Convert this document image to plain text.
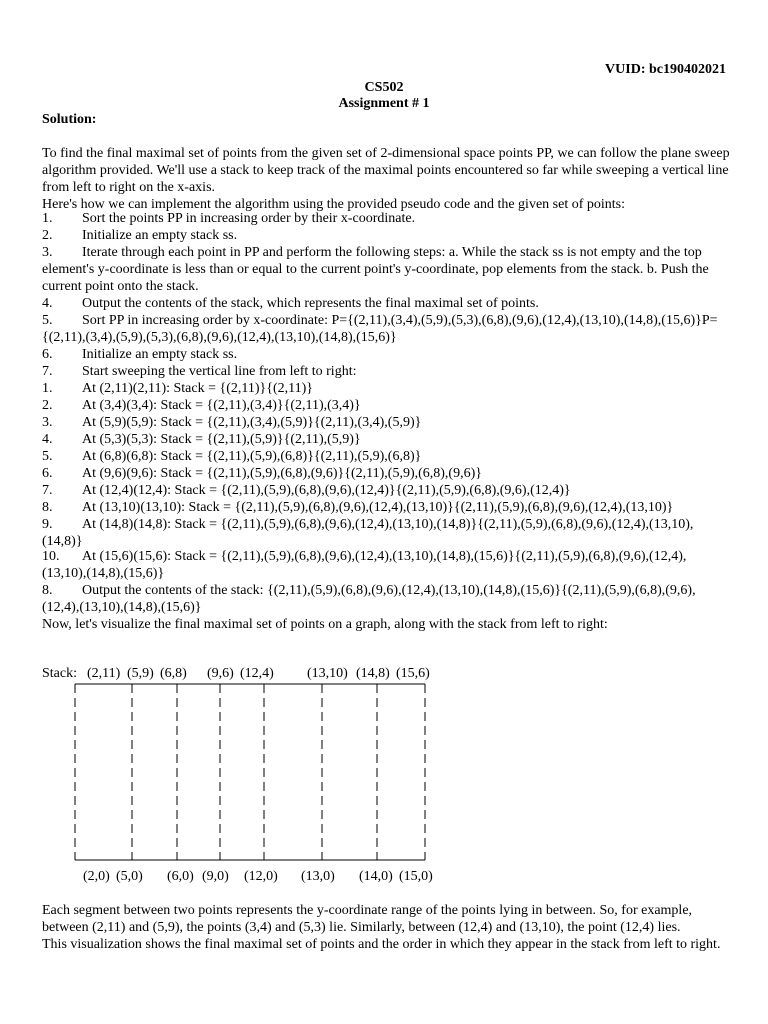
VUID: bc190402021
CS502
Assignment # 1
Solution:
To find the final maximal set of points from the given set of 2-dimensional space points PP, we can follow the plane sweep algorithm provided. We'll use a stack to keep track of the maximal points encountered so far while sweeping a vertical line from left to right on the x-axis.
Here's how we can implement the algorithm using the provided pseudo code and the given set of points:
1.	Sort the points PP in increasing order by their x-coordinate.
2.	Initialize an empty stack ss.
3.	Iterate through each point in PP and perform the following steps: a. While the stack ss is not empty and the top element's y-coordinate is less than or equal to the current point's y-coordinate, pop elements from the stack. b. Push the current point onto the stack.
4.	Output the contents of the stack, which represents the final maximal set of points.
5.	Sort PP in increasing order by x-coordinate: P={(2,11),(3,4),(5,9),(5,3),(6,8),(9,6),(12,4),(13,10),(14,8),(15,6)}P={(2,11),(3,4),(5,9),(5,3),(6,8),(9,6),(12,4),(13,10),(14,8),(15,6)}
6.	Initialize an empty stack ss.
7.	Start sweeping the vertical line from left to right:
1.	At (2,11)(2,11): Stack = {(2,11)}{(2,11)}
2.	At (3,4)(3,4): Stack = {(2,11),(3,4)}{(2,11),(3,4)}
3.	At (5,9)(5,9): Stack = {(2,11),(3,4),(5,9)}{(2,11),(3,4),(5,9)}
4.	At (5,3)(5,3): Stack = {(2,11),(5,9)}{(2,11),(5,9)}
5.	At (6,8)(6,8): Stack = {(2,11),(5,9),(6,8)}{(2,11),(5,9),(6,8)}
6.	At (9,6)(9,6): Stack = {(2,11),(5,9),(6,8),(9,6)}{(2,11),(5,9),(6,8),(9,6)}
7.	At (12,4)(12,4): Stack = {(2,11),(5,9),(6,8),(9,6),(12,4)}{(2,11),(5,9),(6,8),(9,6),(12,4)}
8.	At (13,10)(13,10): Stack = {(2,11),(5,9),(6,8),(9,6),(12,4),(13,10)}{(2,11),(5,9),(6,8),(9,6),(12,4),(13,10)}
9.	At (14,8)(14,8): Stack = {(2,11),(5,9),(6,8),(9,6),(12,4),(13,10),(14,8)}{(2,11),(5,9),(6,8),(9,6),(12,4),(13,10),(14,8)}
10.	At (15,6)(15,6): Stack = {(2,11),(5,9),(6,8),(9,6),(12,4),(13,10),(14,8),(15,6)}{(2,11),(5,9),(6,8),(9,6),(12,4),(13,10),(14,8),(15,6)}
8.	Output the contents of the stack: {(2,11),(5,9),(6,8),(9,6),(12,4),(13,10),(14,8),(15,6)}{(2,11),(5,9),(6,8),(9,6),(12,4),(13,10),(14,8),(15,6)}
Now, let's visualize the final maximal set of points on a graph, along with the stack from left to right:
Stack: (2,11) (5,9) (6,8) (9,6) (12,4) (13,10) (14,8) (15,6)
(2,0) (5,0) (6,0) (9,0) (12,0) (13,0) (14,0) (15,0)
Each segment between two points represents the y-coordinate range of the points lying in between. So, for example, between (2,11) and (5,9), the points (3,4) and (5,3) lie. Similarly, between (12,4) and (13,10), the point (12,4) lies.
This visualization shows the final maximal set of points and the order in which they appear in the stack from left to right.
